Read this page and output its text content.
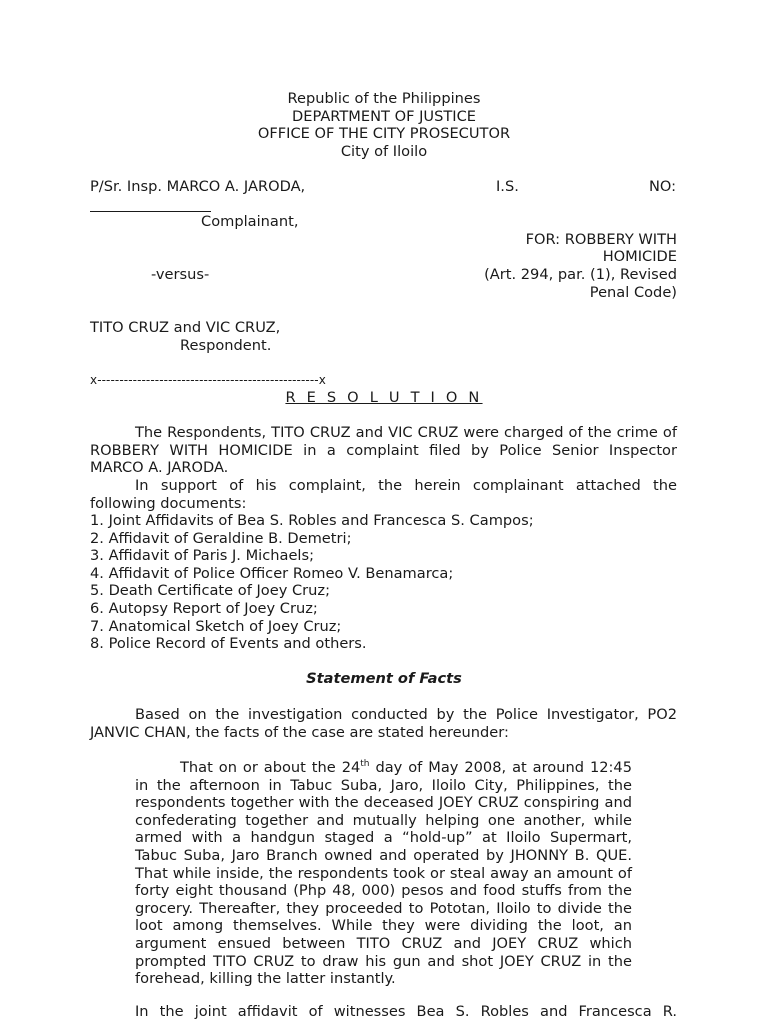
Republic of the Philippines
DEPARTMENT OF JUSTICE
OFFICE OF THE CITY PROSECUTOR
City of Iloilo
P/Sr. Insp. MARCO A. JARODA,	I.S.	NO:
Complainant,
FOR: ROBBERY WITH
HOMICIDE
-versus-	(Art. 294, par. (1), Revised
Penal Code)
TITO CRUZ and VIC CRUZ,
Respondent.
x--------------------------------------------------x
R E S O L U T I O N
The Respondents, TITO CRUZ and VIC CRUZ were charged of the crime of ROBBERY WITH HOMICIDE in a complaint filed by Police Senior Inspector MARCO A. JARODA.
In support of his complaint, the herein complainant attached the following documents:
1. Joint Affidavits of Bea S. Robles and Francesca S. Campos;
2. Affidavit of Geraldine B. Demetri;
3. Affidavit of Paris J. Michaels;
4. Affidavit of Police Officer Romeo V. Benamarca;
5. Death Certificate of Joey Cruz;
6. Autopsy Report of Joey Cruz;
7. Anatomical Sketch of Joey Cruz;
8. Police Record of Events and others.
Statement of Facts
Based on the investigation conducted by the Police Investigator, PO2 JANVIC CHAN, the facts of the case are stated hereunder:
That on or about the 24th day of May 2008, at around 12:45 in the afternoon in Tabuc Suba, Jaro, Iloilo City, Philippines, the respondents together with the deceased JOEY CRUZ conspiring and confederating together and mutually helping one another, while armed with a handgun staged a “hold-up” at Iloilo Supermart, Tabuc Suba, Jaro Branch owned and operated by JHONNY B. QUE. That while inside, the respondents took or steal away an amount of forty eight thousand (Php 48, 000) pesos and food stuffs from the grocery. Thereafter, they proceeded to Pototan, Iloilo to divide the loot among themselves. While they were dividing the loot, an argument ensued between TITO CRUZ and JOEY CRUZ which prompted TITO CRUZ to draw his gun and shot JOEY CRUZ in the forehead, killing the latter instantly.
In the joint affidavit of witnesses Bea S. Robles and Francesca R.
